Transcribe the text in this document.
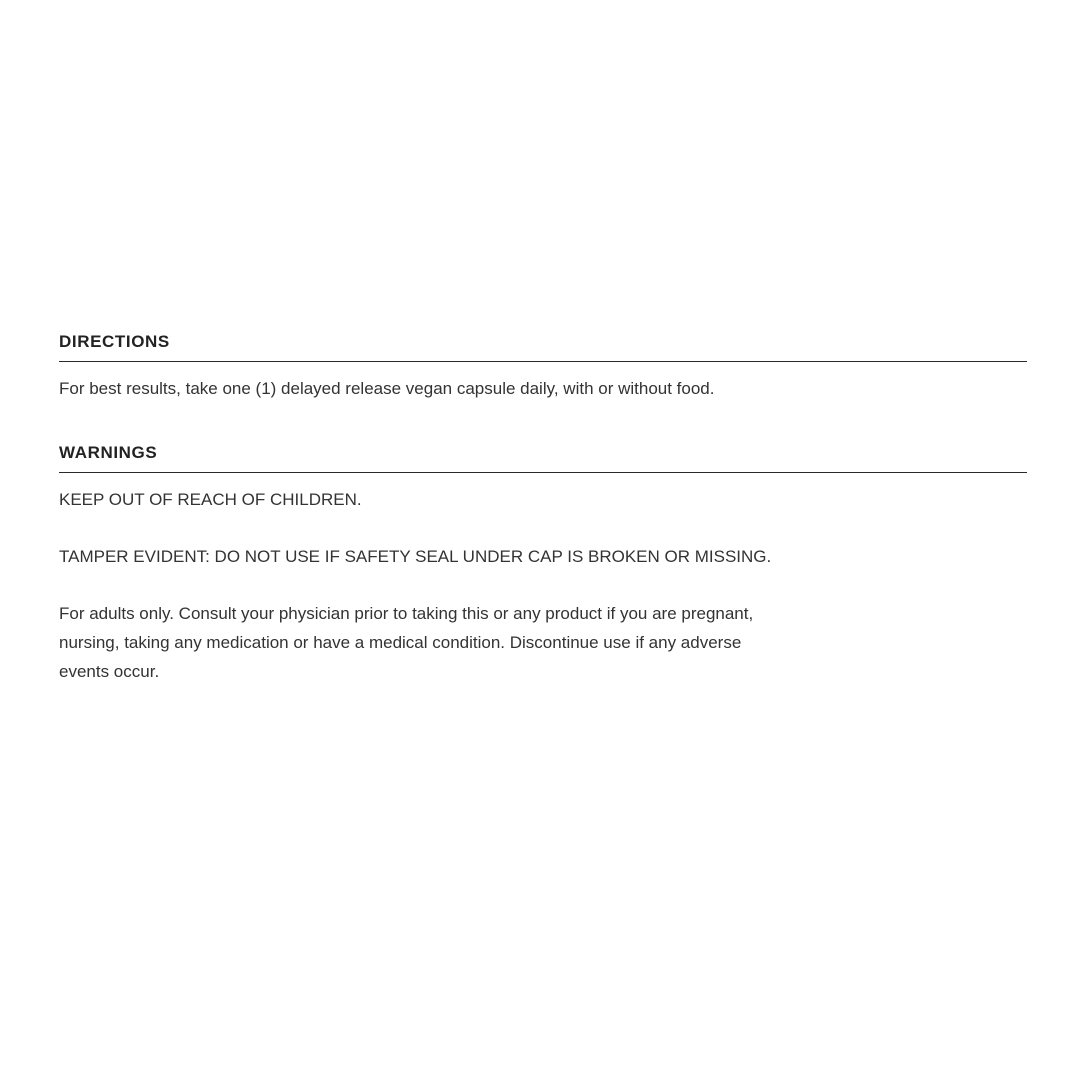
DIRECTIONS

For best results, take one (1) delayed release vegan capsule daily, with or without food.

WARNINGS

KEEP OUT OF REACH OF CHILDREN.

TAMPER EVIDENT: DO NOT USE IF SAFETY SEAL UNDER CAP IS BROKEN OR MISSING.

For adults only. Consult your physician prior to taking this or any product if you are pregnant, nursing, taking any medication or have a medical condition. Discontinue use if any adverse events occur.
